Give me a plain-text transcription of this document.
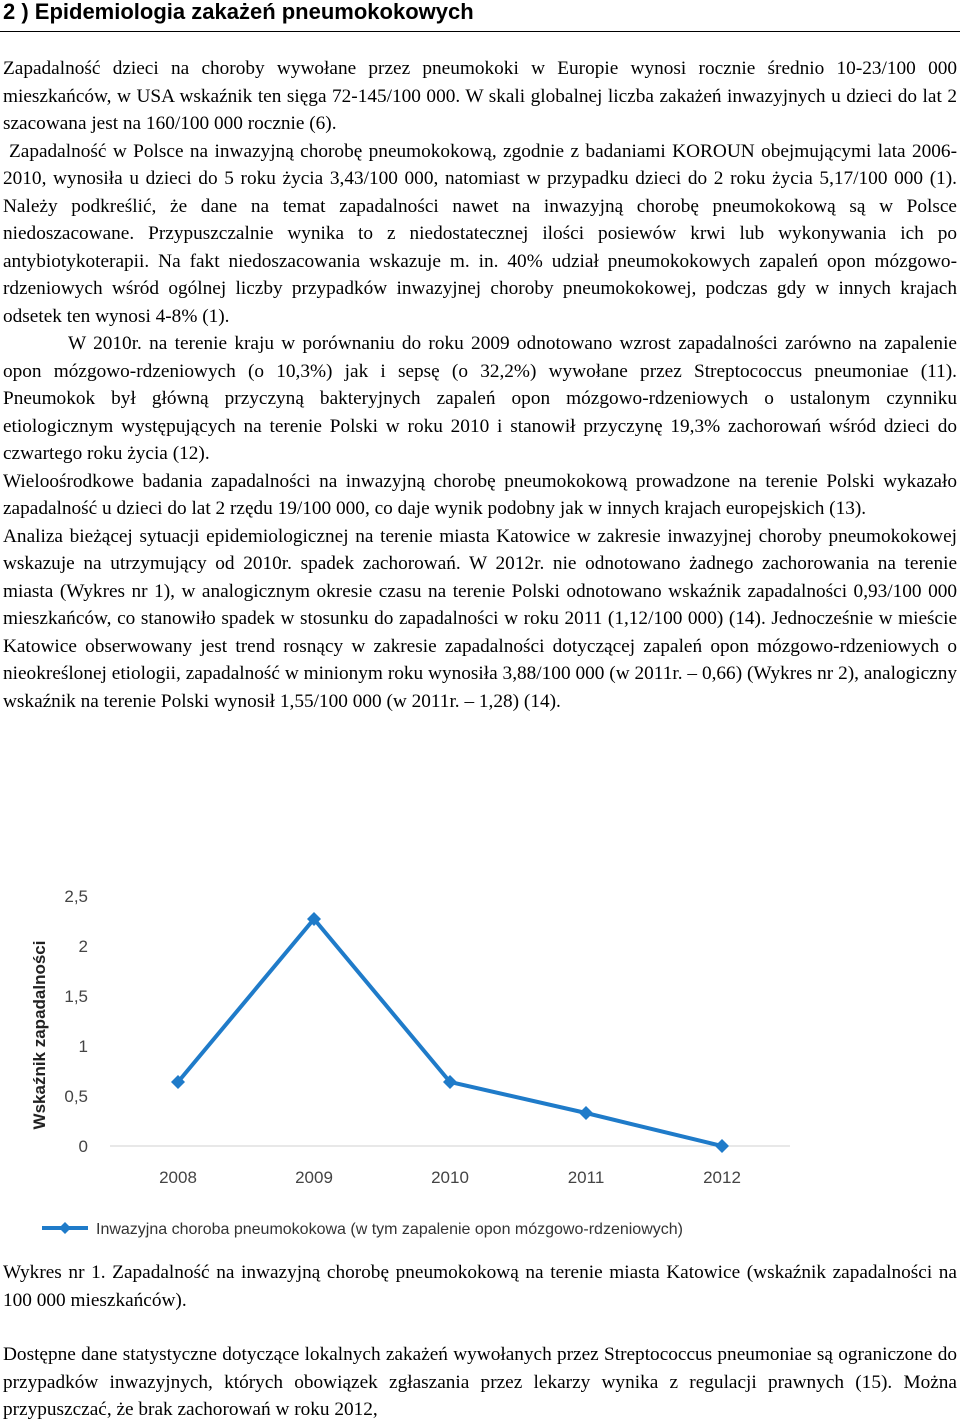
2 ) Epidemiologia zakażeń pneumokokowych

Zapadalność dzieci na choroby wywołane przez pneumokoki w Europie wynosi rocznie średnio 10-23/100 000 mieszkańców, w USA wskaźnik ten sięga 72-145/100 000. W skali globalnej liczba zakażeń inwazyjnych u dzieci do lat 2 szacowana jest na 160/100 000 rocznie (6).

Zapadalność w Polsce na inwazyjną chorobę pneumokokową, zgodnie z badaniami KOROUN obejmującymi lata 2006-2010, wynosiła u dzieci do 5 roku życia 3,43/100 000, natomiast w przypadku dzieci do 2 roku życia 5,17/100 000 (1). Należy podkreślić, że dane na temat zapadalności nawet na inwazyjną chorobę pneumokokową są w Polsce niedoszacowane. Przypuszczalnie wynika to z niedostatecznej ilości posiewów krwi lub wykonywania ich po antybiotykoterapii. Na fakt niedoszacowania wskazuje m. in. 40% udział pneumokokowych zapaleń opon mózgowo-rdzeniowych wśród ogólnej liczby przypadków inwazyjnej choroby pneumokokowej, podczas gdy w innych krajach odsetek ten wynosi 4-8% (1).

W 2010r. na terenie kraju w porównaniu do roku 2009 odnotowano wzrost zapadalności zarówno na zapalenie opon mózgowo-rdzeniowych (o 10,3%) jak i sepsę (o 32,2%) wywołane przez Streptococcus pneumoniae (11). Pneumokok był główną przyczyną bakteryjnych zapaleń opon mózgowo-rdzeniowych o ustalonym czynniku etiologicznym występujących na terenie Polski w roku 2010 i stanowił przyczynę 19,3% zachorowań wśród dzieci do czwartego roku życia (12).

Wieloośrodkowe badania zapadalności na inwazyjną chorobę pneumokokową prowadzone na terenie Polski wykazało zapadalność u dzieci do lat 2 rzędu 19/100 000, co daje wynik podobny jak w innych krajach europejskich (13).

Analiza bieżącej sytuacji epidemiologicznej na terenie miasta Katowice w zakresie inwazyjnej choroby pneumokokowej wskazuje na utrzymujący od 2010r. spadek zachorowań. W 2012r. nie odnotowano żadnego zachorowania na terenie miasta (Wykres nr 1), w analogicznym okresie czasu na terenie Polski odnotowano wskaźnik zapadalności 0,93/100 000 mieszkańców, co stanowiło spadek w stosunku do zapadalności w roku 2011 (1,12/100 000) (14). Jednocześnie w mieście Katowice obserwowany jest trend rosnący w zakresie zapadalności dotyczącej zapaleń opon mózgowo-rdzeniowych o nieokreślonej etiologii, zapadalność w minionym roku wynosiła 3,88/100 000 (w 2011r. – 0,66) (Wykres nr 2), analogiczny wskaźnik na terenie Polski wynosił 1,55/100 000 (w 2011r. – 1,28) (14).

Wskaźnik zapadalności
0
0,5
1
1,5
2
2,5
2008	2009	2010	2011	2012
Inwazyjna choroba pneumokokowa (w tym zapalenie opon mózgowo-rdzeniowych)

Wykres nr 1. Zapadalność na inwazyjną chorobę pneumokokową na terenie miasta Katowice (wskaźnik zapadalności na 100 000 mieszkańców).

Dostępne dane statystyczne dotyczące lokalnych zakażeń wywołanych przez Streptococcus pneumoniae są ograniczone do przypadków inwazyjnych, których obowiązek zgłaszania przez lekarzy wynika z regulacji prawnych (15). Można przypuszczać, że brak zachorowań w roku 2012,
